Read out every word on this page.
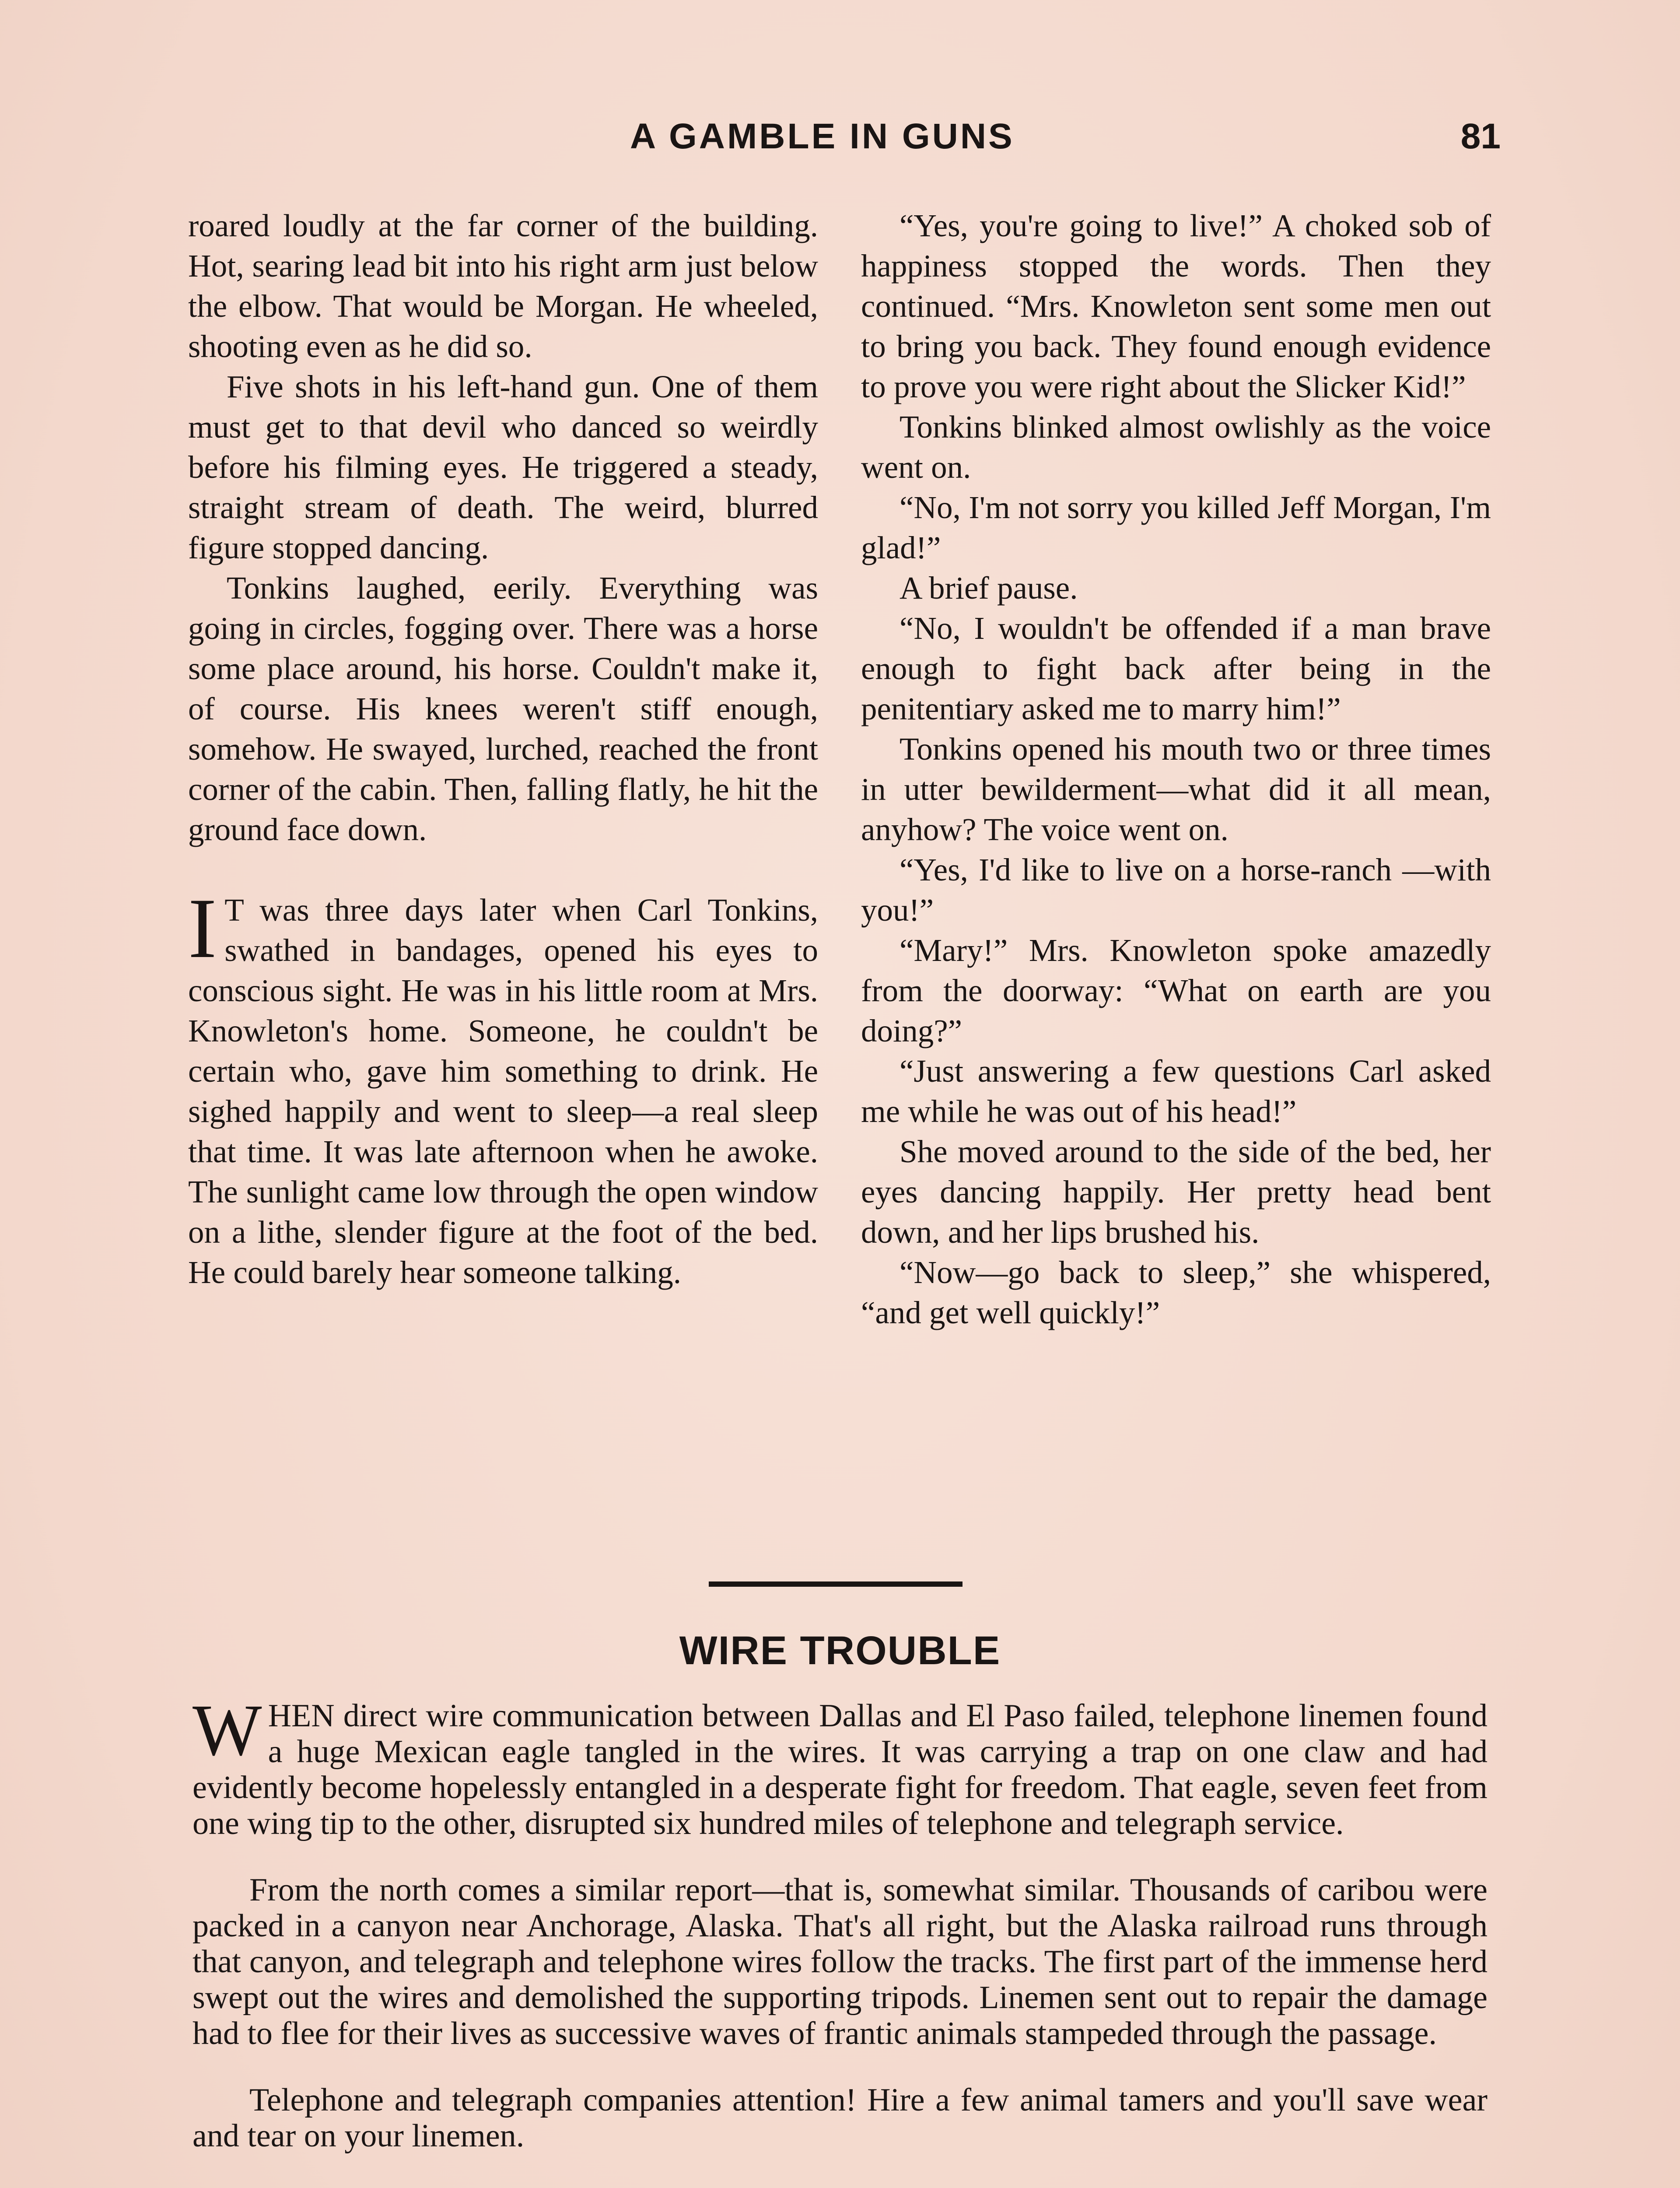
A GAMBLE IN GUNS	81

roared loudly at the far corner of the building. Hot, searing lead bit into his right arm just below the elbow. That would be Morgan. He wheeled, shooting even as he did so.

Five shots in his left-hand gun. One of them must get to that devil who danced so weirdly before his filming eyes. He triggered a steady, straight stream of death. The weird, blurred figure stopped dancing.

Tonkins laughed, eerily. Everything was going in circles, fogging over. There was a horse some place around, his horse. Couldn't make it, of course. His knees weren't stiff enough, somehow. He swayed, lurched, reached the front corner of the cabin. Then, falling flatly, he hit the ground face down.

I T was three days later when Carl Tonkins, swathed in bandages, opened his eyes to conscious sight. He was in his little room at Mrs. Knowleton's home. Someone, he couldn't be certain who, gave him something to drink. He sighed happily and went to sleep—a real sleep that time. It was late afternoon when he awoke. The sunlight came low through the open window on a lithe, slender figure at the foot of the bed. He could barely hear someone talking.

“Yes, you're going to live!” A choked sob of happiness stopped the words. Then they continued. “Mrs. Knowleton sent some men out to bring you back. They found enough evidence to prove you were right about the Slicker Kid!”

Tonkins blinked almost owlishly as the voice went on.

“No, I'm not sorry you killed Jeff Morgan, I'm glad!”

A brief pause.

“No, I wouldn't be offended if a man brave enough to fight back after being in the penitentiary asked me to marry him!”

Tonkins opened his mouth two or three times in utter bewilderment—what did it all mean, anyhow? The voice went on.

“Yes, I'd like to live on a horse-ranch —with you!”

“Mary!” Mrs. Knowleton spoke amazedly from the doorway: “What on earth are you doing?”

“Just answering a few questions Carl asked me while he was out of his head!”

She moved around to the side of the bed, her eyes dancing happily. Her pretty head bent down, and her lips brushed his.

“Now—go back to sleep,” she whispered, “and get well quickly!”

WIRE TROUBLE

WHEN direct wire communication between Dallas and El Paso failed, telephone linemen found a huge Mexican eagle tangled in the wires. It was carrying a trap on one claw and had evidently become hopelessly entangled in a desperate fight for freedom. That eagle, seven feet from one wing tip to the other, disrupted six hundred miles of telephone and telegraph service.

From the north comes a similar report—that is, somewhat similar. Thousands of caribou were packed in a canyon near Anchorage, Alaska. That's all right, but the Alaska railroad runs through that canyon, and telegraph and telephone wires follow the tracks. The first part of the immense herd swept out the wires and demolished the supporting tripods. Linemen sent out to repair the damage had to flee for their lives as successive waves of frantic animals stampeded through the passage.

Telephone and telegraph companies attention! Hire a few animal tamers and you'll save wear and tear on your linemen.
